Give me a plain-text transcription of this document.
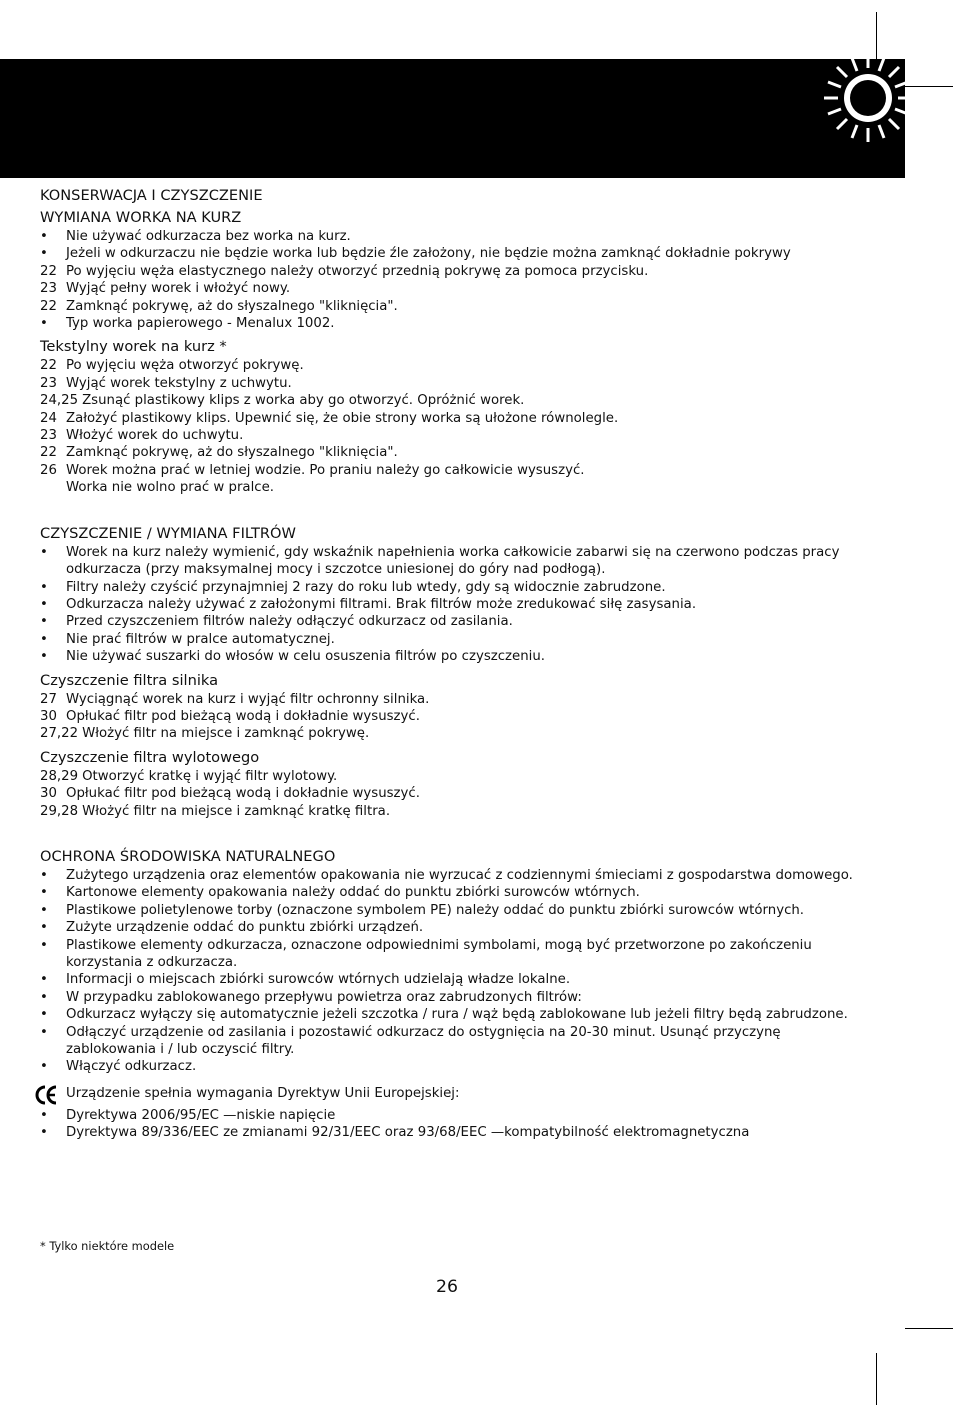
KONSERWACJA I CZYSZCZENIE

WYMIANA WORKA NA KURZ

•	Nie używać odkurzacza bez worka na kurz.
•	Jeżeli w odkurzaczu nie będzie worka lub będzie źle założony, nie będzie można zamknąć dokładnie pokrywy
22 Po wyjęciu węża elastycznego należy otworzyć przednią pokrywę za pomoca przycisku.
23 Wyjąć pełny worek i włożyć nowy.
22 Zamknąć pokrywę, aż do słyszalnego "kliknięcia".
•	Typ worka papierowego - Menalux 1002.

Tekstylny worek na kurz *

22 Po wyjęciu węża otworzyć pokrywę.
23 Wyjąć worek tekstylny z uchwytu.
24,25 Zsunąć plastikowy klips z worka aby go otworzyć. Opróżnić worek.
24 Założyć plastikowy klips. Upewnić się, że obie strony worka są ułożone równolegle.
23 Włożyć worek do uchwytu.
22 Zamknąć pokrywę, aż do słyszalnego "kliknięcia".
26 Worek można prać w letniej wodzie. Po praniu należy go całkowicie wysuszyć.
Worka nie wolno prać w pralce.

CZYSZCZENIE / WYMIANA FILTRÓW

•	Worek na kurz należy wymienić, gdy wskaźnik napełnienia worka całkowicie zabarwi się na czerwono podczas pracy
odkurzacza (przy maksymalnej mocy i szczotce uniesionej do góry nad podłogą).
•	Filtry należy czyścić przynajmniej 2 razy do roku lub wtedy, gdy są widocznie zabrudzone.
•	Odkurzacza należy używać z założonymi filtrami. Brak filtrów może zredukować siłę zasysania.
•	Przed czyszczeniem filtrów należy odłączyć odkurzacz od zasilania.
•	Nie prać filtrów w pralce automatycznej.
•	Nie używać suszarki do włosów w celu osuszenia filtrów po czyszczeniu.

Czyszczenie filtra silnika

27 Wyciągnąć worek na kurz i wyjąć filtr ochronny silnika.
30 Opłukać filtr pod bieżącą wodą i dokładnie wysuszyć.
27,22 Włożyć filtr na miejsce i zamknąć pokrywę.

Czyszczenie filtra wylotowego

28,29 Otworzyć kratkę i wyjąć filtr wylotowy.
30 Opłukać filtr pod bieżącą wodą i dokładnie wysuszyć.
29,28 Włożyć filtr na miejsce i zamknąć kratkę filtra.

OCHRONA ŚRODOWISKA NATURALNEGO

•	Zużytego urządzenia oraz elementów opakowania nie wyrzucać z codziennymi śmieciami z gospodarstwa domowego.
•	Kartonowe elementy opakowania należy oddać do punktu zbiórki surowców wtórnych.
•	Plastikowe polietylenowe torby (oznaczone symbolem PE) należy oddać do punktu zbiórki surowców wtórnych.
•	Zużyte urządzenie oddać do punktu zbiórki urządzeń.
•	Plastikowe elementy odkurzacza, oznaczone odpowiednimi symbolami, mogą być przetworzone po zakończeniu
korzystania z odkurzacza.
•	Informacji o miejscach zbiórki surowców wtórnych udzielają władze lokalne.
•	W przypadku zablokowanego przepływu powietrza oraz zabrudzonych filtrów:
•	Odkurzacz wyłączy się automatycznie jeżeli szczotka / rura / wąż będą zablokowane lub jeżeli filtry będą zabrudzone.
•	Odłączyć urządzenie od zasilania i pozostawić odkurzacz do ostygnięcia na 20-30 minut. Usunąć przyczynę
zablokowania i / lub oczyscić filtry.
•	Włączyć odkurzacz.
Urządzenie spełnia wymagania Dyrektyw Unii Europejskiej:
•	Dyrektywa 2006/95/EC —niskie napięcie
•	Dyrektywa 89/336/EEC ze zmianami 92/31/EEC oraz 93/68/EEC —kompatybilność elektromagnetyczna
* Tylko niektóre modele
26
